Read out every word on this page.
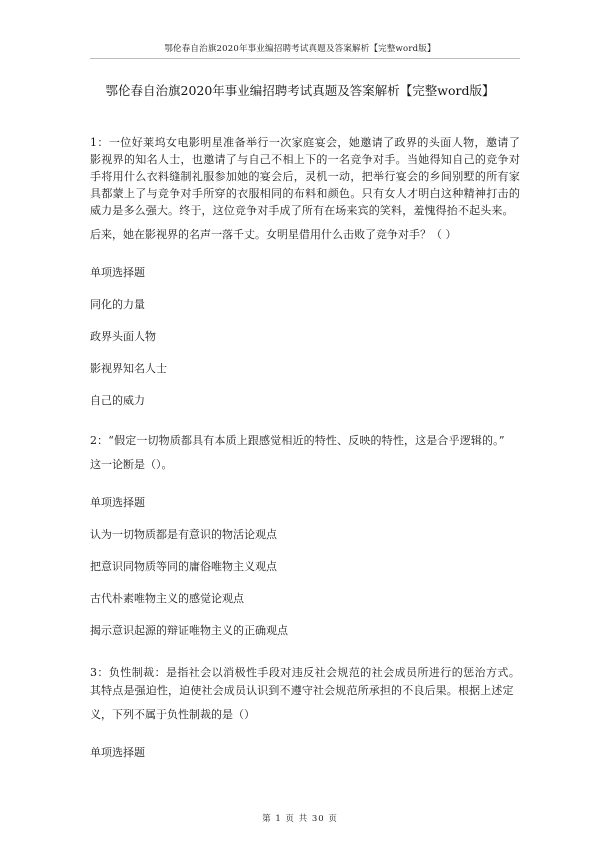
鄂伦春自治旗2020年事业编招聘考试真题及答案解析【完整word版】
鄂伦春自治旗2020年事业编招聘考试真题及答案解析【完整word版】
1：一位好莱坞女电影明星准备举行一次家庭宴会，她邀请了政界的头面人物，邀请了影视界的知名人士，也邀请了与自己不相上下的一名竞争对手。当她得知自己的竞争对手将用什么衣料缝制礼服参加她的宴会后，灵机一动，把举行宴会的乡间别墅的所有家具都蒙上了与竞争对手所穿的衣服相同的布料和颜色。只有女人才明白这种精神打击的威力是多么强大。终于，这位竞争对手成了所有在场来宾的笑料，羞愧得抬不起头来。
后来，她在影视界的名声一落千丈。女明星借用什么击败了竞争对手？（ ）
单项选择题
同化的力量
政界头面人物
影视界知名人士
自己的威力
2：“假定一切物质都具有本质上跟感觉相近的特性、反映的特性，这是合乎逻辑的。”
这一论断是（）。
单项选择题
认为一切物质都是有意识的物活论观点
把意识同物质等同的庸俗唯物主义观点
古代朴素唯物主义的感觉论观点
揭示意识起源的辩证唯物主义的正确观点
3：负性制裁：是指社会以消极性手段对违反社会规范的社会成员所进行的惩治方式。其特点是强迫性，迫使社会成员认识到不遵守社会规范所承担的不良后果。根据上述定
义，下列不属于负性制裁的是（）
单项选择题
第 1 页 共 30 页
